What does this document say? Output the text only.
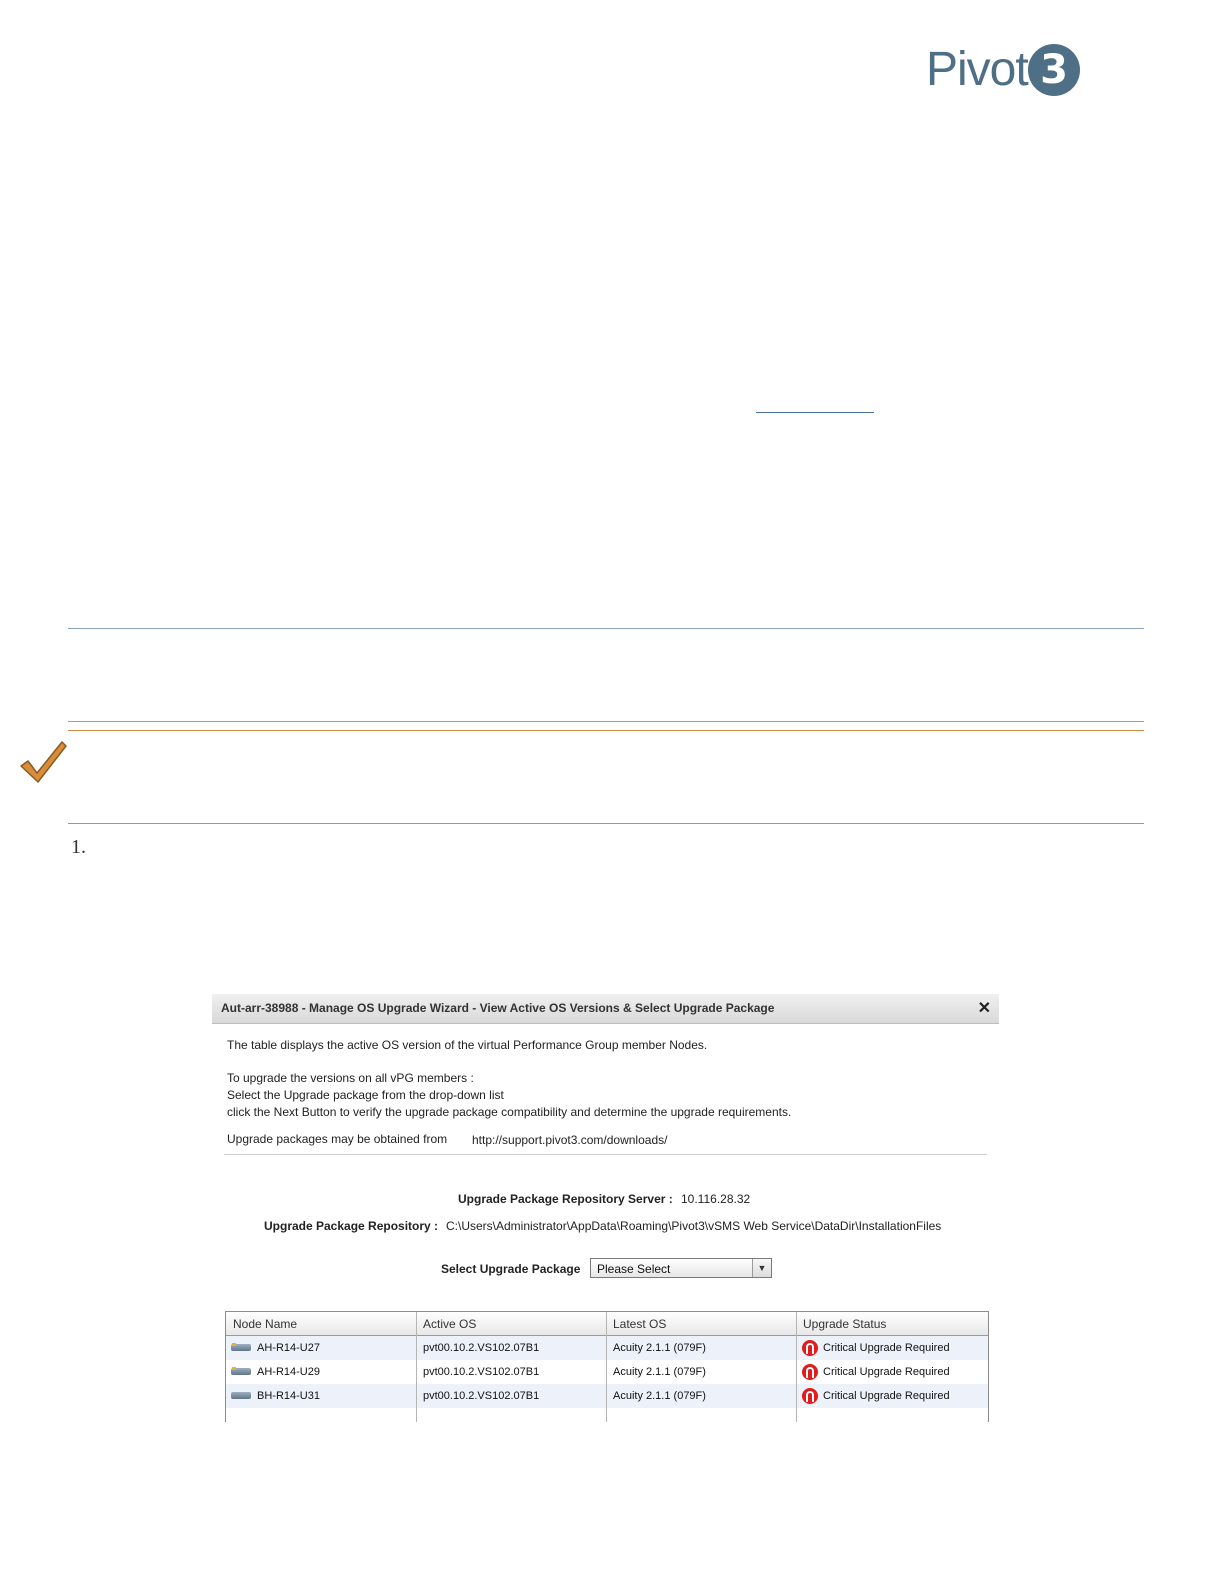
Pivot 3
1.
Aut-arr-38988 - Manage OS Upgrade Wizard - View Active OS Versions & Select Upgrade Package	✕
The table displays the active OS version of the virtual Performance Group member Nodes.
To upgrade the versions on all vPG members :
Select the Upgrade package from the drop-down list
click the Next Button to verify the upgrade package compatibility and determine the upgrade requirements.
Upgrade packages may be obtained from http://support.pivot3.com/downloads/
Upgrade Package Repository Server : 10.116.28.32
Upgrade Package Repository : C:\Users\Administrator\AppData\Roaming\Pivot3\vSMS Web Service\DataDir\InstallationFiles
Select Upgrade Package	Please Select	▼
Node Name	Active OS	Latest OS	Upgrade Status
AH-R14-U27	pvt00.10.2.VS102.07B1	Acuity 2.1.1 (079F)	Critical Upgrade Required
AH-R14-U29	pvt00.10.2.VS102.07B1	Acuity 2.1.1 (079F)	Critical Upgrade Required
BH-R14-U31	pvt00.10.2.VS102.07B1	Acuity 2.1.1 (079F)	Critical Upgrade Required
